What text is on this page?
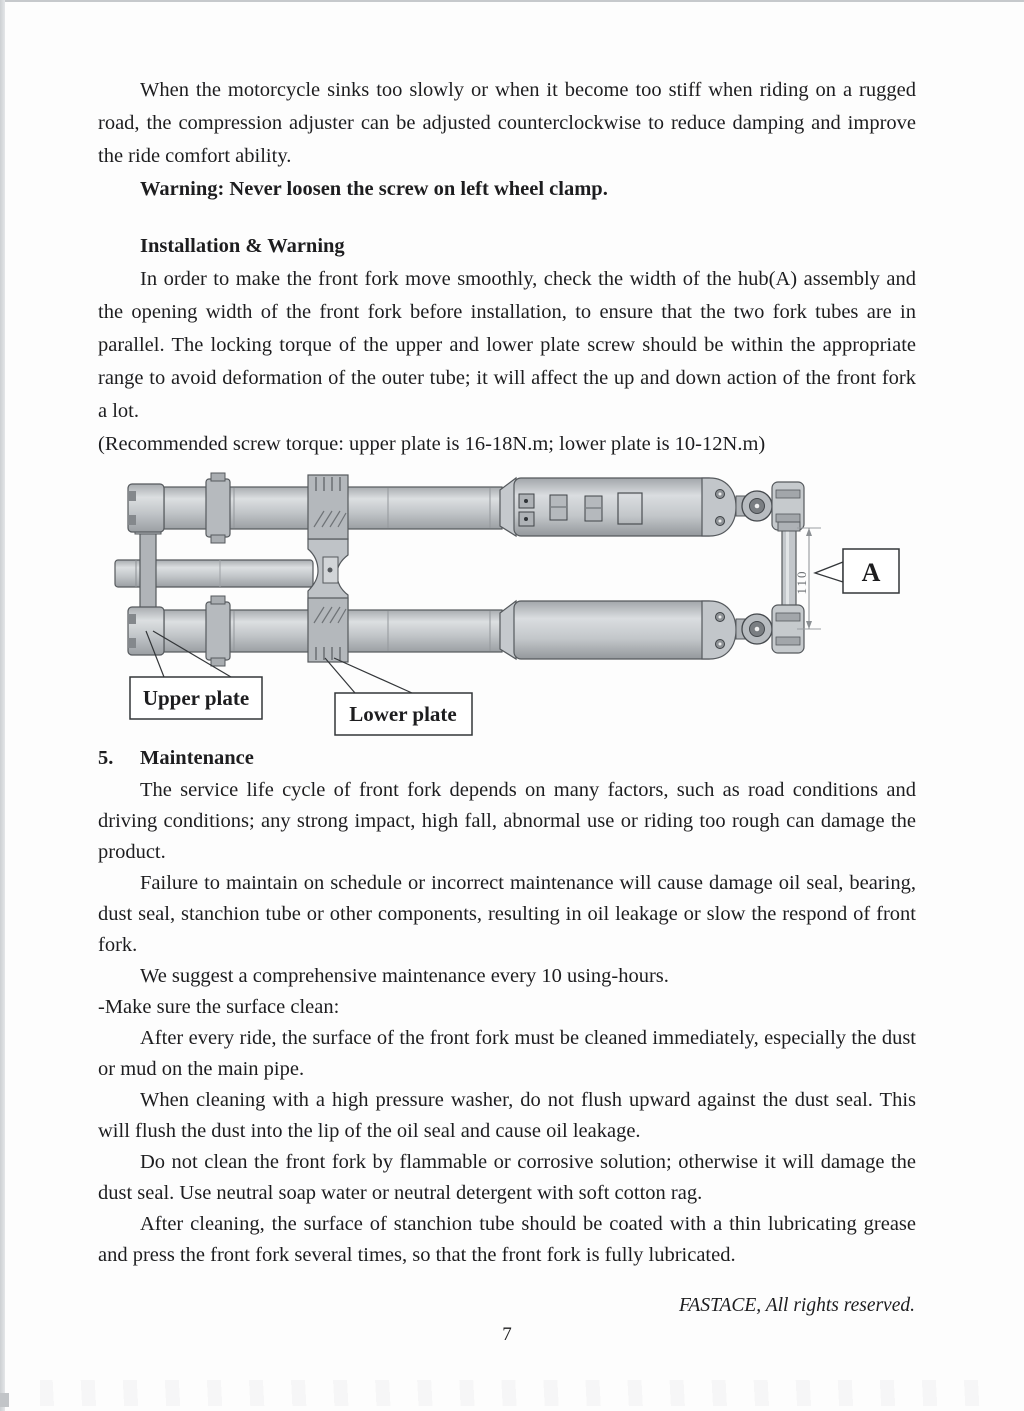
When the motorcycle sinks too slowly or when it become too stiff when riding on a rugged road, the compression adjuster can be adjusted counterclockwise to reduce damping and improve the ride comfort ability.

Warning: Never loosen the screw on left wheel clamp.

Installation & Warning

In order to make the front fork move smoothly, check the width of the hub(A) assembly and the opening width of the front fork before installation, to ensure that the two fork tubes are in parallel. The locking torque of the upper and lower plate screw should be within the appropriate range to avoid deformation of the outer tube; it will affect the up and down action of the front fork a lot.

(Recommended screw torque: upper plate is 16-18N.m; lower plate is 10-12N.m)

110 A
Upper plate
Lower plate

5.	Maintenance

The service life cycle of front fork depends on many factors, such as road conditions and driving conditions; any strong impact, high fall, abnormal use or riding too rough can damage the product.

Failure to maintain on schedule or incorrect maintenance will cause damage oil seal, bearing, dust seal, stanchion tube or other components, resulting in oil leakage or slow the respond of front fork.

We suggest a comprehensive maintenance every 10 using-hours.

-Make sure the surface clean:

After every ride, the surface of the front fork must be cleaned immediately, especially the dust or mud on the main pipe.

When cleaning with a high pressure washer, do not flush upward against the dust seal. This will flush the dust into the lip of the oil seal and cause oil leakage.

Do not clean the front fork by flammable or corrosive solution; otherwise it will damage the dust seal. Use neutral soap water or neutral detergent with soft cotton rag.

After cleaning, the surface of stanchion tube should be coated with a thin lubricating grease and press the front fork several times, so that the front fork is fully lubricated.

FASTACE, All rights reserved.
7
